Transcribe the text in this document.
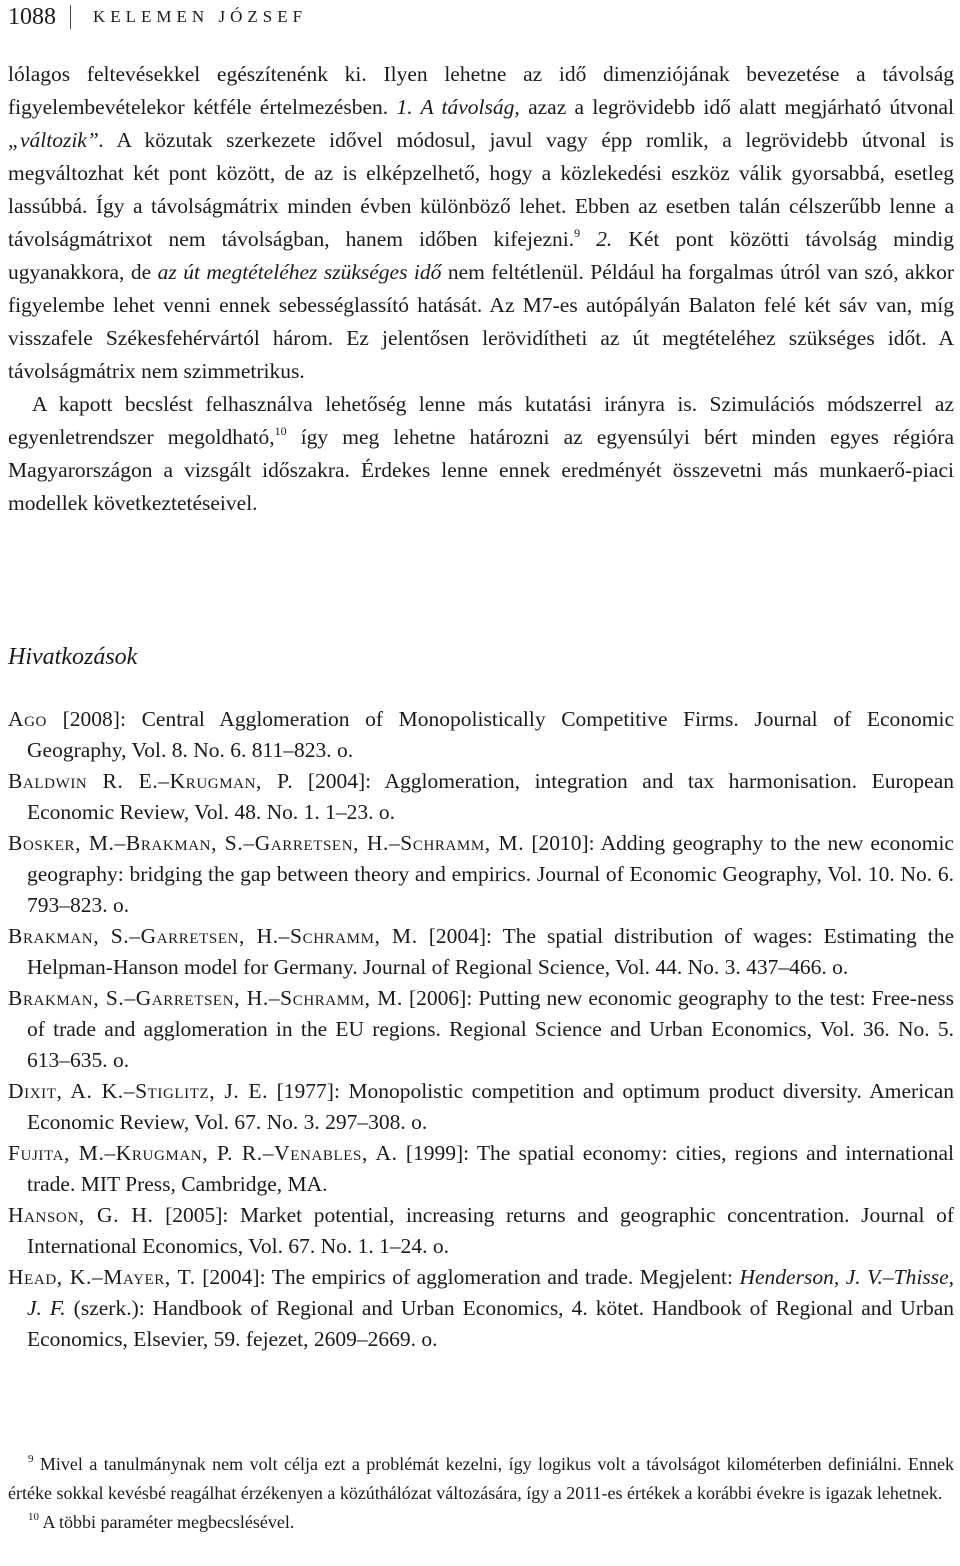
1088 KELEMEN JÓZSEF

lólagos feltevésekkel egészítenénk ki. Ilyen lehetne az idő dimenziójának bevezetése a távolság figyelembevételekor kétféle értelmezésben. 1. A távolság, azaz a legrövidebb idő alatt megjárható útvonal „változik”. A közutak szerkezete idővel módosul, javul vagy épp romlik, a legrövidebb útvonal is megváltozhat két pont között, de az is elképzelhető, hogy a közlekedési eszköz válik gyorsabbá, esetleg lassúbbá. Így a távolságmátrix minden évben különböző lehet. Ebben az esetben talán célszerűbb lenne a távolságmátrixot nem távolságban, hanem időben kifejezni.$^9$ 2. Két pont közötti távolság mindig ugyanakkora, de az út megtételéhez szükséges idő nem feltétlenül. Például ha forgalmas útról van szó, akkor figyelembe lehet venni ennek sebességlassító hatását. Az M7-es autópályán Balaton felé két sáv van, míg visszafele Székesfehérvártól három. Ez jelentősen lerövidítheti az út megtételéhez szükséges időt. A távolságmátrix nem szimmetrikus.

A kapott becslést felhasználva lehetőség lenne más kutatási irányra is. Szimulációs módszerrel az egyenletrendszer megoldható,$^{10}$ így meg lehetne határozni az egyensúlyi bért minden egyes régióra Magyarországon a vizsgált időszakra. Érdekes lenne ennek eredményét összevetni más munkaerő-piaci modellek következtetéseivel.

Hivatkozások
Ago [2008]: Central Agglomeration of Monopolistically Competitive Firms. Journal of Economic Geography, Vol. 8. No. 6. 811–823. o.
Baldwin R. E.–Krugman, P. [2004]: Agglomeration, integration and tax harmonisation. European Economic Review, Vol. 48. No. 1. 1–23. o.
Bosker, M.–Brakman, S.–Garretsen, H.–Schramm, M. [2010]: Adding geography to the new economic geography: bridging the gap between theory and empirics. Journal of Economic Geography, Vol. 10. No. 6. 793–823. o.
Brakman, S.–Garretsen, H.–Schramm, M. [2004]: The spatial distribution of wages: Estimating the Helpman-Hanson model for Germany. Journal of Regional Science, Vol. 44. No. 3. 437–466. o.
Brakman, S.–Garretsen, H.–Schramm, M. [2006]: Putting new economic geography to the test: Free-ness of trade and agglomeration in the EU regions. Regional Science and Urban Economics, Vol. 36. No. 5. 613–635. o.
Dixit, A. K.–Stiglitz, J. E. [1977]: Monopolistic competition and optimum product diversity. American Economic Review, Vol. 67. No. 3. 297–308. o.
Fujita, M.–Krugman, P. R.–Venables, A. [1999]: The spatial economy: cities, regions and international trade. MIT Press, Cambridge, MA.
Hanson, G. H. [2005]: Market potential, increasing returns and geographic concentration. Journal of International Economics, Vol. 67. No. 1. 1–24. o.
Head, K.–Mayer, T. [2004]: The empirics of agglomeration and trade. Megjelent: Henderson, J. V.–Thisse, J. F. (szerk.): Handbook of Regional and Urban Economics, 4. kötet. Handbook of Regional and Urban Economics, Elsevier, 59. fejezet, 2609–2669. o.
$^9$ Mivel a tanulmánynak nem volt célja ezt a problémát kezelni, így logikus volt a távolságot kilométerben definiálni. Ennek értéke sokkal kevésbé reagálhat érzékenyen a közúthálózat változására, így a 2011-es értékek a korábbi évekre is igazak lehetnek.
$^{10}$ A többi paraméter megbecslésével.
